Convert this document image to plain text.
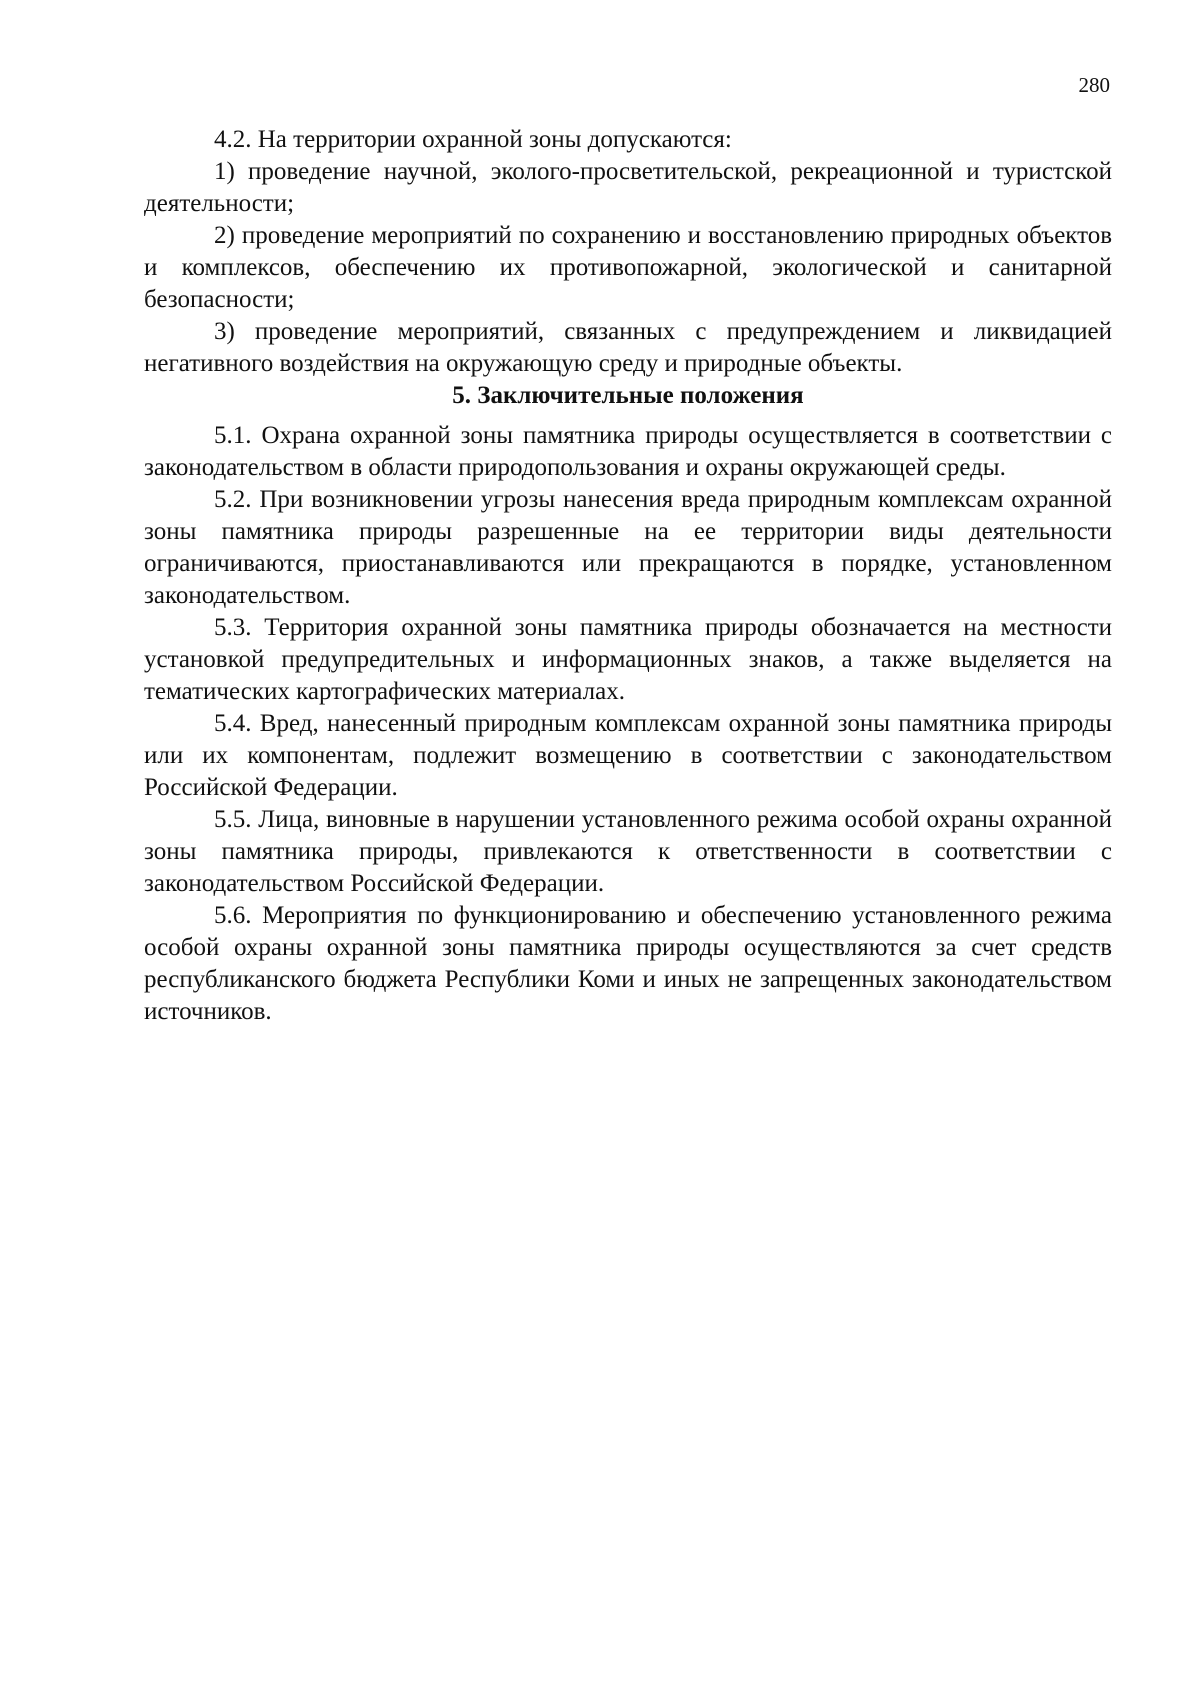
280

4.2. На территории охранной зоны допускаются:

1) проведение научной, эколого-просветительской, рекреационной и туристской деятельности;

2) проведение мероприятий по сохранению и восстановлению природных объектов и комплексов, обеспечению их противопожарной, экологической и санитарной безопасности;

3) проведение мероприятий, связанных с предупреждением и ликвидацией негативного воздействия на окружающую среду и природные объекты.

5. Заключительные положения

5.1. Охрана охранной зоны памятника природы осуществляется в соответствии с законодательством в области природопользования и охраны окружающей среды.

5.2. При возникновении угрозы нанесения вреда природным комплексам охранной зоны памятника природы разрешенные на ее территории виды деятельности ограничиваются, приостанавливаются или прекращаются в порядке, установленном законодательством.

5.3. Территория охранной зоны памятника природы обозначается на местности установкой предупредительных и информационных знаков, а также выделяется на тематических картографических материалах.

5.4. Вред, нанесенный природным комплексам охранной зоны памятника природы или их компонентам, подлежит возмещению в соответствии с законодательством Российской Федерации.

5.5. Лица, виновные в нарушении установленного режима особой охраны охранной зоны памятника природы, привлекаются к ответственности в соответствии с законодательством Российской Федерации.

5.6. Мероприятия по функционированию и обеспечению установленного режима особой охраны охранной зоны памятника природы осуществляются за счет средств республиканского бюджета Республики Коми и иных не запрещенных законодательством источников.
